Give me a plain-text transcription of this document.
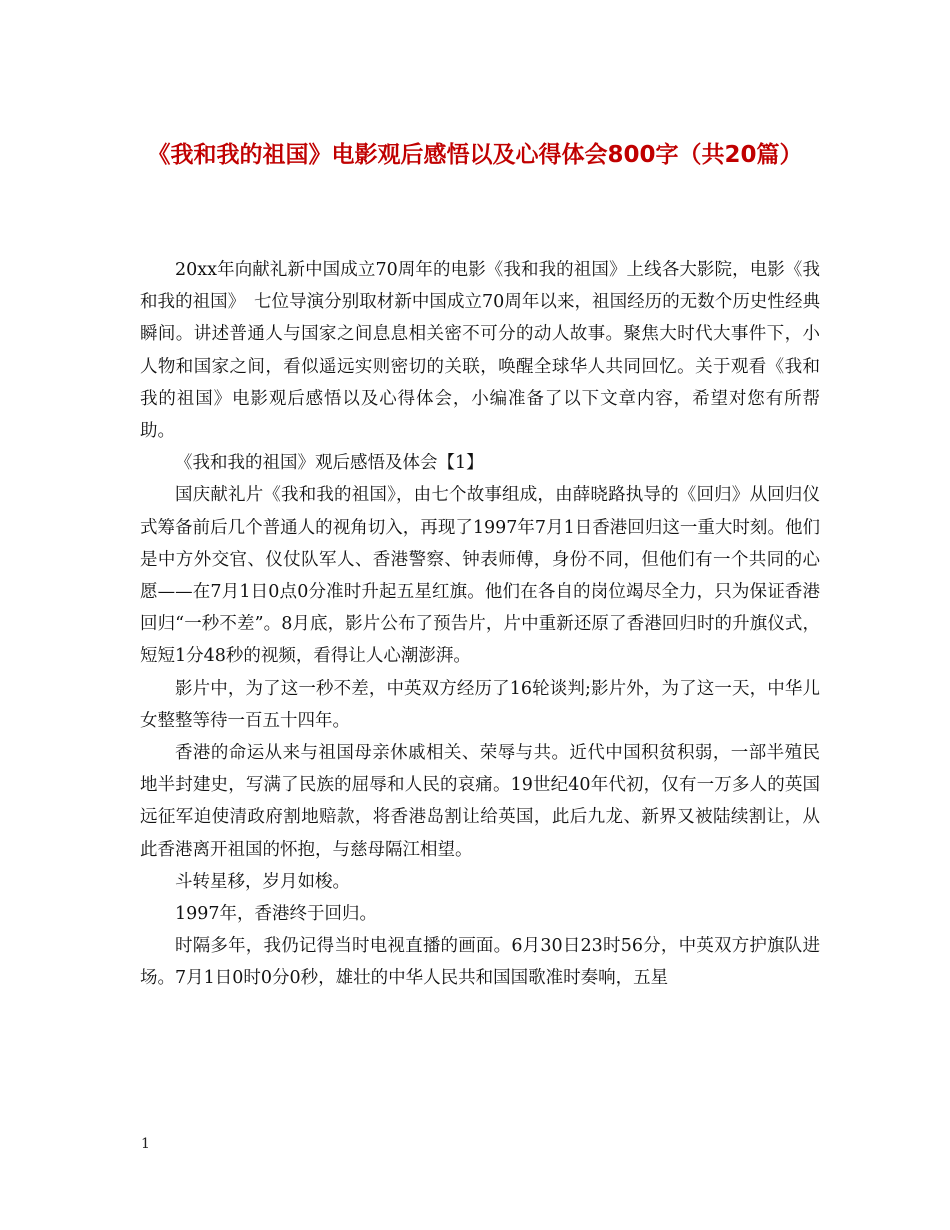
《我和我的祖国》电影观后感悟以及心得体会800字（共20篇）

20xx年向献礼新中国成立70周年的电影《我和我的祖国》上线各大影院，电影《我和我的祖国》　七位导演分别取材新中国成立70周年以来，祖国经历的无数个历史性经典瞬间。讲述普通人与国家之间息息相关密不可分的动人故事。聚焦大时代大事件下，小人物和国家之间，看似遥远实则密切的关联，唤醒全球华人共同回忆。关于观看《我和我的祖国》电影观后感悟以及心得体会，小编准备了以下文章内容，希望对您有所帮助。

《我和我的祖国》观后感悟及体会【1】

国庆献礼片《我和我的祖国》，由七个故事组成，由薛晓路执导的《回归》从回归仪式筹备前后几个普通人的视角切入，再现了1997年7月1日香港回归这一重大时刻。他们是中方外交官、仪仗队军人、香港警察、钟表师傅，身份不同，但他们有一个共同的心愿——在7月1日0点0分准时升起五星红旗。他们在各自的岗位竭尽全力，只为保证香港回归“一秒不差”。8月底，影片公布了预告片，片中重新还原了香港回归时的升旗仪式，短短1分48秒的视频，看得让人心潮澎湃。

影片中，为了这一秒不差，中英双方经历了16轮谈判;影片外，为了这一天，中华儿女整整等待一百五十四年。

香港的命运从来与祖国母亲休戚相关、荣辱与共。近代中国积贫积弱，一部半殖民地半封建史，写满了民族的屈辱和人民的哀痛。19世纪40年代初，仅有一万多人的英国远征军迫使清政府割地赔款，将香港岛割让给英国，此后九龙、新界又被陆续割让，从此香港离开祖国的怀抱，与慈母隔江相望。

斗转星移，岁月如梭。

1997年，香港终于回归。

时隔多年，我仍记得当时电视直播的画面。6月30日23时56分，中英双方护旗队进场。7月1日0时0分0秒，雄壮的中华人民共和国国歌准时奏响，五星

1
